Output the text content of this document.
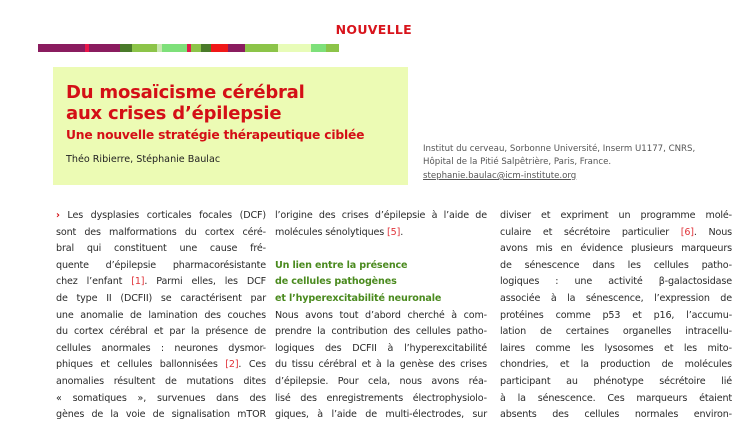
NOUVELLE
Du mosaïcisme cérébral
aux crises d’épilepsie
Une nouvelle stratégie thérapeutique ciblée
Théo Ribierre, Stéphanie Baulac
Institut du cerveau, Sorbonne Université, Inserm U1177, CNRS,
Hôpital de la Pitié Salpêtrière, Paris, France.
stephanie.baulac@icm-institute.org
› Les dysplasies corticales focales (DCF)
sont des malformations du cortex céré-
bral qui constituent une cause fré-
quente d’épilepsie pharmacorésistante
chez l’enfant [1]. Parmi elles, les DCF
de type II (DCFII) se caractérisent par
une anomalie de lamination des couches
du cortex cérébral et par la présence de
cellules anormales : neurones dysmor-
phiques et cellules ballonnisées [2]. Ces
anomalies résultent de mutations dites
« somatiques », survenues dans des
gènes de la voie de signalisation mTOR
l’origine des crises d’épilepsie à l’aide de
molécules sénolytiques [5].
Un lien entre la présence
de cellules pathogènes
et l’hyperexcitabilité neuronale
Nous avons tout d’abord cherché à com-
prendre la contribution des cellules patho-
logiques des DCFII à l’hyperexcitabilité
du tissu cérébral et à la genèse des crises
d’épilepsie. Pour cela, nous avons réa-
lisé des enregistrements électrophysiolo-
giques, à l’aide de multi-électrodes, sur
diviser et expriment un programme molé-
culaire et sécrétoire particulier [6]. Nous
avons mis en évidence plusieurs marqueurs
de sénescence dans les cellules patho-
logiques : une activité β-galactosidase
associée à la sénescence, l’expression de
protéines comme p53 et p16, l’accumu-
lation de certaines organelles intracellu-
laires comme les lysosomes et les mito-
chondries, et la production de molécules
participant au phénotype sécrétoire lié
à la sénescence. Ces marqueurs étaient
absents des cellules normales environ-
